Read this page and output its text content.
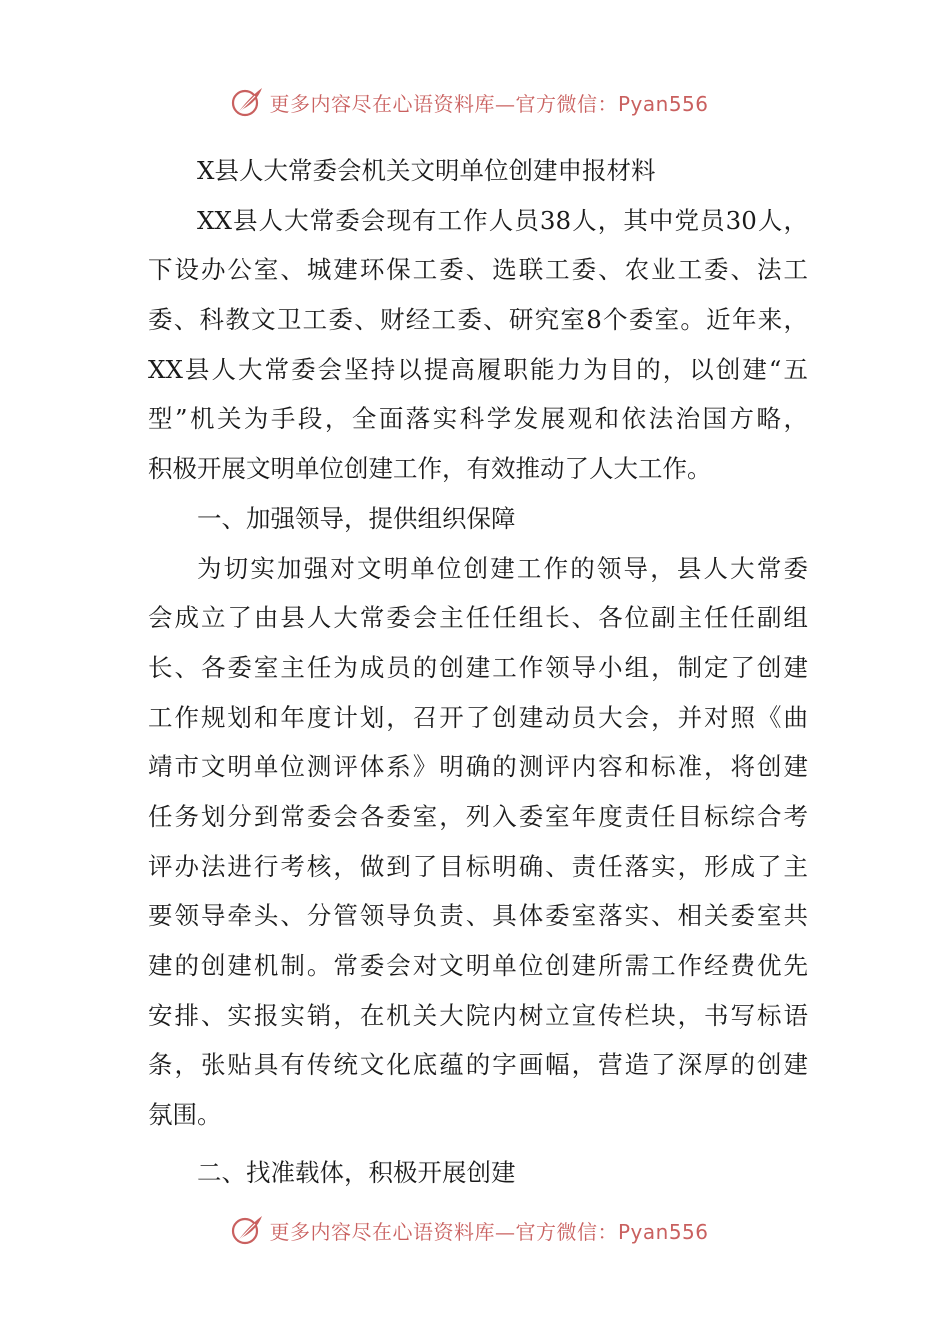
更多内容尽在心语资料库—官方微信：Pyan556
X县人大常委会机关文明单位创建申报材料
XX县人大常委会现有工作人员38人，其中党员30人，
下设办公室、城建环保工委、选联工委、农业工委、法工
委、科教文卫工委、财经工委、研究室8个委室。近年来，
XX县人大常委会坚持以提高履职能力为目的，以创建“五
型”机关为手段，全面落实科学发展观和依法治国方略，
积极开展文明单位创建工作，有效推动了人大工作。
一、加强领导，提供组织保障
为切实加强对文明单位创建工作的领导，县人大常委
会成立了由县人大常委会主任任组长、各位副主任任副组
长、各委室主任为成员的创建工作领导小组，制定了创建
工作规划和年度计划，召开了创建动员大会，并对照《曲
靖市文明单位测评体系》明确的测评内容和标准，将创建
任务划分到常委会各委室，列入委室年度责任目标综合考
评办法进行考核，做到了目标明确、责任落实，形成了主
要领导牵头、分管领导负责、具体委室落实、相关委室共
建的创建机制。常委会对文明单位创建所需工作经费优先
安排、实报实销，在机关大院内树立宣传栏块，书写标语
条，张贴具有传统文化底蕴的字画幅，营造了深厚的创建
氛围。
二、找准载体，积极开展创建
更多内容尽在心语资料库—官方微信：Pyan556
